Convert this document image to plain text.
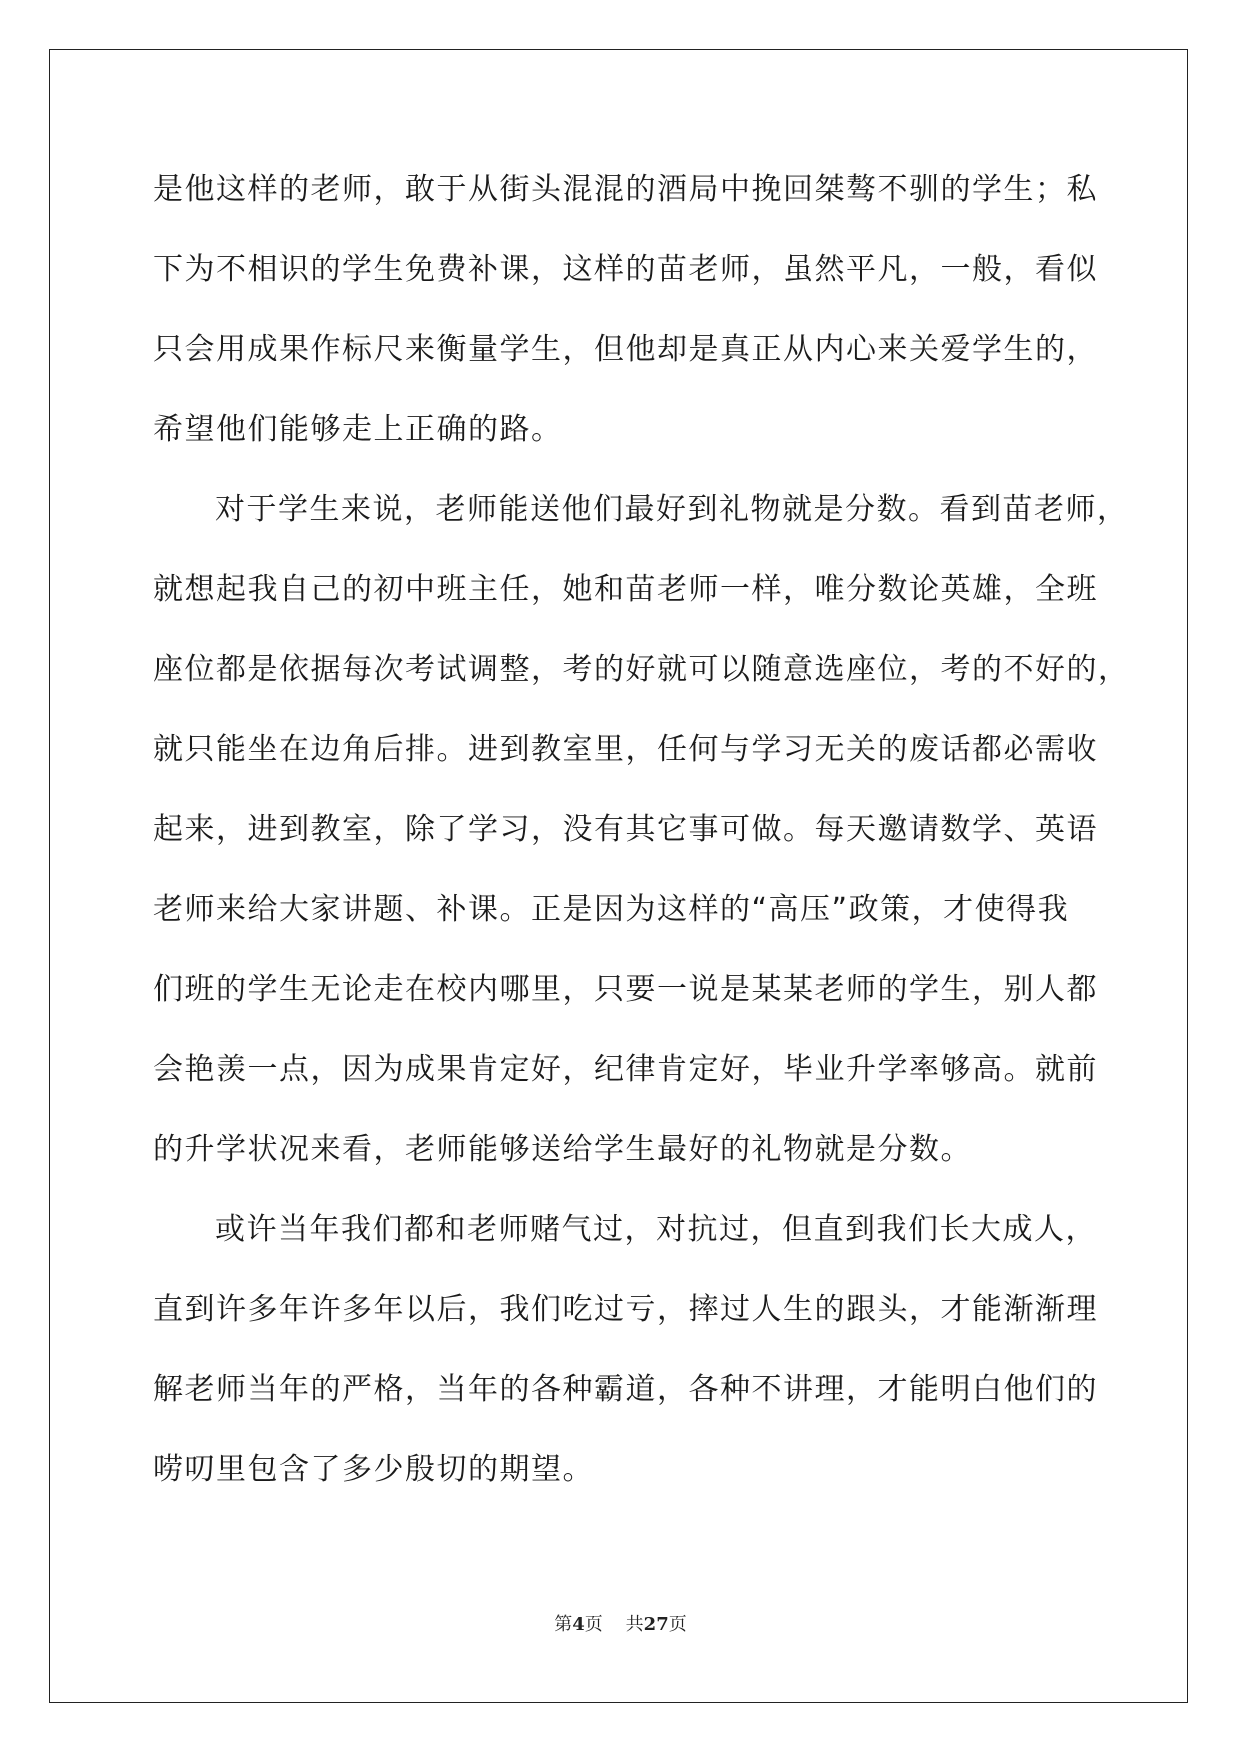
是他这样的老师，敢于从街头混混的酒局中挽回桀骜不驯的学生；私
下为不相识的学生免费补课，这样的苗老师，虽然平凡，一般，看似
只会用成果作标尺来衡量学生，但他却是真正从内心来关爱学生的，
希望他们能够走上正确的路。
对于学生来说，老师能送他们最好到礼物就是分数。看到苗老师，
就想起我自己的初中班主任，她和苗老师一样，唯分数论英雄，全班
座位都是依据每次考试调整，考的好就可以随意选座位，考的不好的，
就只能坐在边角后排。进到教室里，任何与学习无关的废话都必需收
起来，进到教室，除了学习，没有其它事可做。每天邀请数学、英语
老师来给大家讲题、补课。正是因为这样的“高压”政策，才使得我
们班的学生无论走在校内哪里，只要一说是某某老师的学生，别人都
会艳羡一点，因为成果肯定好，纪律肯定好，毕业升学率够高。就前
的升学状况来看，老师能够送给学生最好的礼物就是分数。
或许当年我们都和老师赌气过，对抗过，但直到我们长大成人，
直到许多年许多年以后，我们吃过亏，摔过人生的跟头，才能渐渐理
解老师当年的严格，当年的各种霸道，各种不讲理，才能明白他们的
唠叨里包含了多少殷切的期望。
第4页 共27页
